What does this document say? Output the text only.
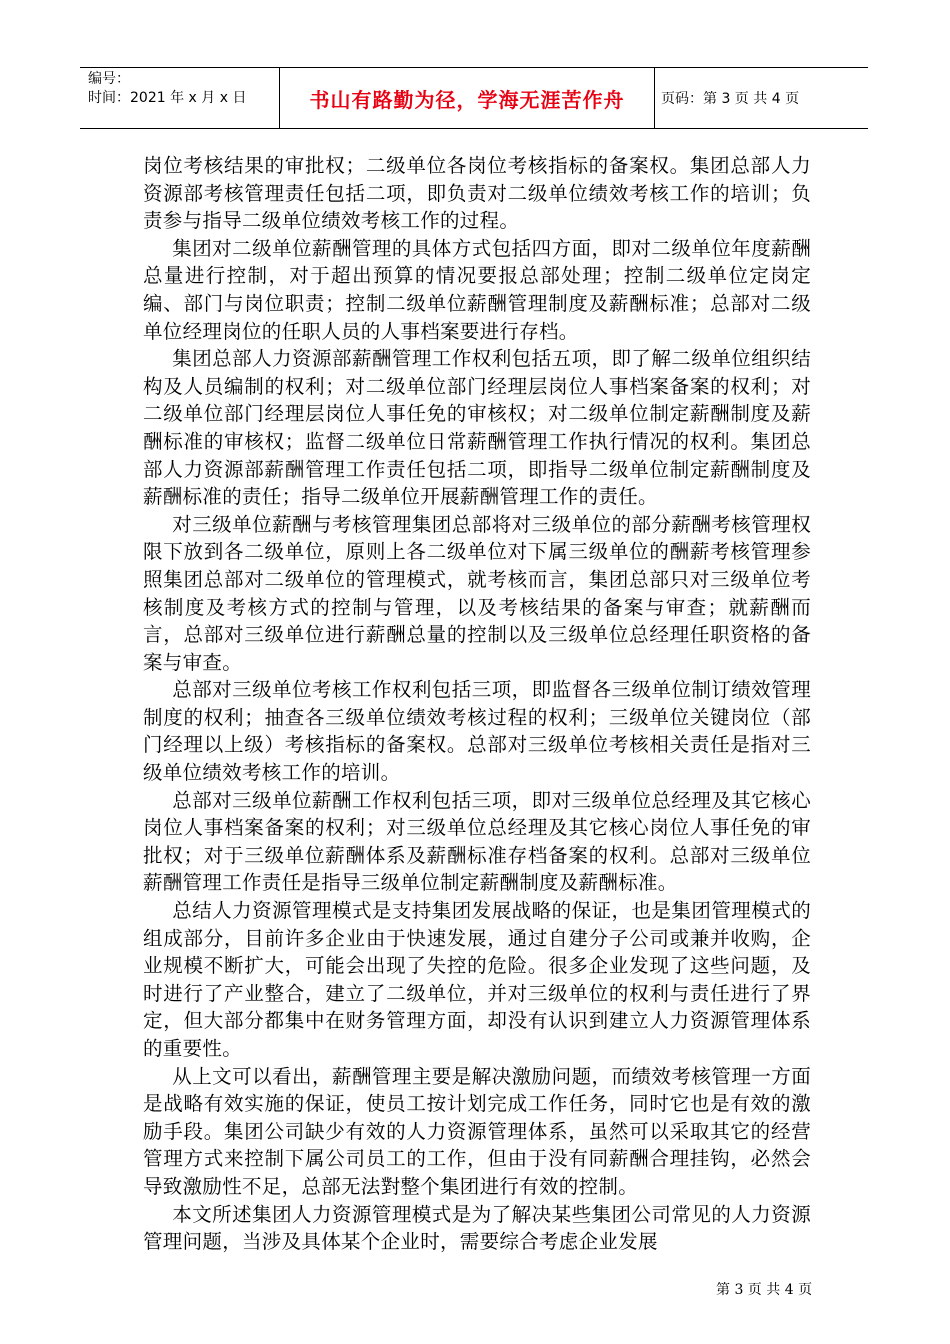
编号：
时间：2021 年 x 月 x 日	书山有路勤为径，学海无涯苦作舟	页码：第 3 页 共 4 页

岗位考核结果的审批权；二级单位各岗位考核指标的备案权。集团总部人力资源部考核管理责任包括二项，即负责对二级单位绩效考核工作的培训；负责参与指导二级单位绩效考核工作的过程。

集团对二级单位薪酬管理的具体方式包括四方面，即对二级单位年度薪酬总量进行控制，对于超出预算的情况要报总部处理；控制二级单位定岗定编、部门与岗位职责；控制二级单位薪酬管理制度及薪酬标准；总部对二级单位经理岗位的任职人员的人事档案要进行存档。

集团总部人力资源部薪酬管理工作权利包括五项，即了解二级单位组织结构及人员编制的权利；对二级单位部门经理层岗位人事档案备案的权利；对二级单位部门经理层岗位人事任免的审核权；对二级单位制定薪酬制度及薪酬标准的审核权；监督二级单位日常薪酬管理工作执行情况的权利。集团总部人力资源部薪酬管理工作责任包括二项，即指导二级单位制定薪酬制度及薪酬标准的责任；指导二级单位开展薪酬管理工作的责任。

对三级单位薪酬与考核管理集团总部将对三级单位的部分薪酬考核管理权限下放到各二级单位，原则上各二级单位对下属三级单位的酬薪考核管理参照集团总部对二级单位的管理模式，就考核而言，集团总部只对三级单位考核制度及考核方式的控制与管理，以及考核结果的备案与审查；就薪酬而言，总部对三级单位进行薪酬总量的控制以及三级单位总经理任职资格的备案与审查。

总部对三级单位考核工作权利包括三项，即监督各三级单位制订绩效管理制度的权利；抽查各三级单位绩效考核过程的权利；三级单位关键岗位（部门经理以上级）考核指标的备案权。总部对三级单位考核相关责任是指对三级单位绩效考核工作的培训。

总部对三级单位薪酬工作权利包括三项，即对三级单位总经理及其它核心岗位人事档案备案的权利；对三级单位总经理及其它核心岗位人事任免的审批权；对于三级单位薪酬体系及薪酬标准存档备案的权利。总部对三级单位薪酬管理工作责任是指导三级单位制定薪酬制度及薪酬标准。

总结人力资源管理模式是支持集团发展战略的保证，也是集团管理模式的组成部分，目前许多企业由于快速发展，通过自建分子公司或兼并收购，企业规模不断扩大，可能会出现了失控的危险。很多企业发现了这些问题，及时进行了产业整合，建立了二级单位，并对三级单位的权利与责任进行了界定，但大部分都集中在财务管理方面，却没有认识到建立人力资源管理体系的重要性。

从上文可以看出，薪酬管理主要是解决激励问题，而绩效考核管理一方面是战略有效实施的保证，使员工按计划完成工作任务，同时它也是有效的激励手段。集团公司缺少有效的人力资源管理体系，虽然可以采取其它的经营管理方式来控制下属公司员工的工作，但由于没有同薪酬合理挂钩，必然会导致激励性不足，总部无法對整个集团进行有效的控制。

本文所述集团人力资源管理模式是为了解决某些集团公司常见的人力资源管理问题，当涉及具体某个企业时，需要综合考虑企业发展

第 3 页 共 4 页
